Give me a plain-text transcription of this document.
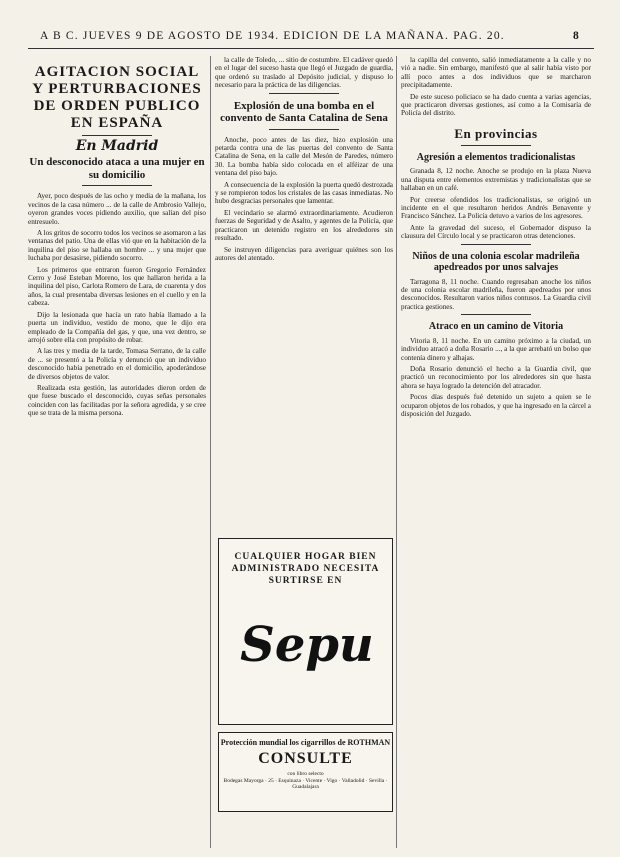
A B C. JUEVES 9 DE AGOSTO DE 1934. EDICION DE LA MAÑANA. PAG. 20.	8
AGITACION SOCIAL Y PERTURBACIONES DE ORDEN PUBLICO EN ESPAÑA
En Madrid
Un desconocido ataca a una mujer en su domicilio

Ayer, poco después de las ocho y media de la mañana, los vecinos de la casa número ... de la calle de Ambrosio Vallejo, oyeron grandes voces pidiendo auxilio, que salían del piso entresuelo.

A los gritos de socorro todos los vecinos se asomaron a las ventanas del patio. Una de ellas vió que en la habitación de la inquilina del piso se hallaba un hombre ... y una mujer que luchaba por desasirse, pidiendo socorro.

Los primeros que entraron fueron Gregorio Fernández Cerro y José Esteban Moreno, los que hallaron herida a la inquilina del piso, Carlota Romero de Lara, de cuarenta y dos años, la cual presentaba diversas lesiones en el cuello y en la cabeza.

Dijo la lesionada que hacía un rato había llamado a la puerta un individuo, vestido de mono, que le dijo era empleado de la Compañía del gas, y que, una vez dentro, se arrojó sobre ella con propósito de robar.

A las tres y media de la tarde, Tomasa Serrano, de la calle de ... se presentó a la Policía y denunció que un individuo desconocido había penetrado en el domicilio, apoderándose de diversos objetos de valor.

Realizada esta gestión, las autoridades dieron orden de que fuese buscado el desconocido, cuyas señas personales coinciden con las facilitadas por la señora agredida, y se cree que se trata de la misma persona.

la calle de Toledo, ... sitio de costumbre. El cadáver quedó en el lugar del suceso hasta que llegó el Juzgado de guardia, que ordenó su traslado al Depósito judicial, y dispuso lo necesario para la práctica de las diligencias.

Explosión de una bomba en el convento de Santa Catalina de Sena

Anoche, poco antes de las diez, hizo explosión una petarda contra una de las puertas del convento de Santa Catalina de Sena, en la calle del Mesón de Paredes, número 30. La bomba había sido colocada en el alféizar de una ventana del piso bajo.

A consecuencia de la explosión la puerta quedó destrozada y se rompieron todos los cristales de las casas inmediatas. No hubo desgracias personales que lamentar.

El vecindario se alarmó extraordinariamente. Acudieron fuerzas de Seguridad y de Asalto, y agentes de la Policía, que practicaron un detenido registro en los alrededores sin resultado.

Se instruyen diligencias para averiguar quiénes son los autores del atentado.

CUALQUIER HOGAR BIEN ADMINISTRADO NECESITA SURTIRSE EN
Sepu
Protección mundial los cigarrillos de ROTHMAN
CONSULTE
con libro selecto
Bodegas Mayorga · 25 · Esquinaza · Vicente · Vigo · Valladolid · Sevilla · Guadalajara

la capilla del convento, salió inmediatamente a la calle y no vió a nadie. Sin embargo, manifestó que al salir había visto por allí poco antes a dos individuos que se marcharon precipitadamente.

De este suceso policiaco se ha dado cuenta a varias agencias, que practicaron diversas gestiones, así como a la Comisaría de Policía del distrito.

En provincias
Agresión a elementos tradicionalistas

Granada 8, 12 noche. Anoche se produjo en la plaza Nueva una disputa entre elementos extremistas y tradicionalistas que se hallaban en un café.

Por creerse ofendidos los tradicionalistas, se originó un incidente en el que resultaron heridos Andrés Benavente y Francisco Sánchez. La Policía detuvo a varios de los agresores.

Ante la gravedad del suceso, el Gobernador dispuso la clausura del Círculo local y se practicaron otras detenciones.

Niños de una colonia escolar madrileña apedreados por unos salvajes

Tarragona 8, 11 noche. Cuando regresaban anoche los niños de una colonia escolar madrileña, fueron apedreados por unos desconocidos. Resultaron varios niños contusos. La Guardia civil practica gestiones.

Atraco en un camino de Vitoria

Vitoria 8, 11 noche. En un camino próximo a la ciudad, un individuo atracó a doña Rosario ..., a la que arrebató un bolso que contenía dinero y alhajas.

Doña Rosario denunció el hecho a la Guardia civil, que practicó un reconocimiento por los alrededores sin que hasta ahora se haya logrado la detención del atracador.

Pocos días después fué detenido un sujeto a quien se le ocuparon objetos de los robados, y que ha ingresado en la cárcel a disposición del Juzgado.
